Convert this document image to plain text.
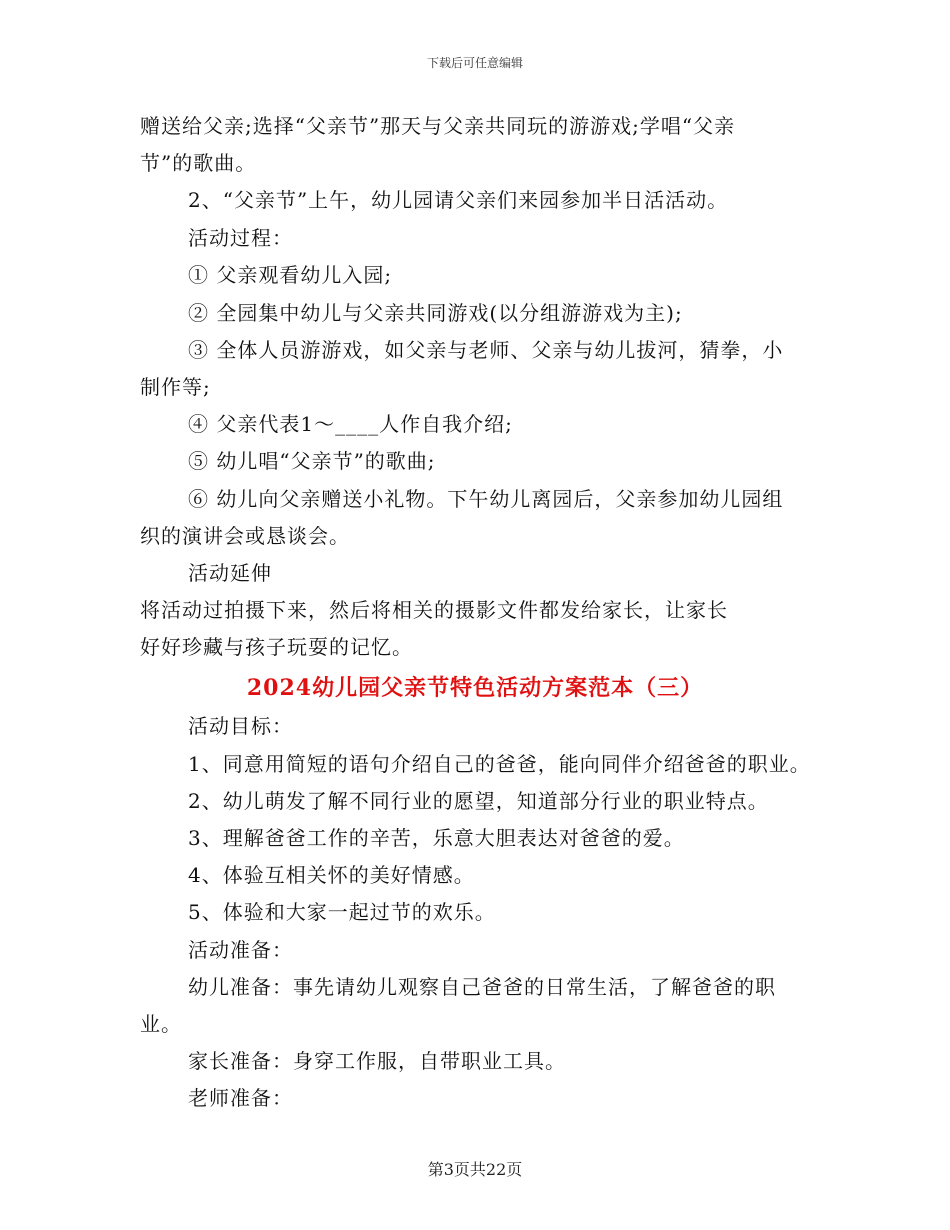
下载后可任意编辑
赠送给父亲;选择“父亲节”那天与父亲共同玩的游游戏;学唱“父亲
节”的歌曲。
2、“父亲节”上午，幼儿园请父亲们来园参加半日活活动。
活动过程：
① 父亲观看幼儿入园;
② 全园集中幼儿与父亲共同游戏(以分组游游戏为主);
③ 全体人员游游戏，如父亲与老师、父亲与幼儿拔河，猜拳，小
制作等;
④ 父亲代表1～____人作自我介绍;
⑤ 幼儿唱“父亲节”的歌曲;
⑥ 幼儿向父亲赠送小礼物。下午幼儿离园后，父亲参加幼儿园组
织的演讲会或恳谈会。
活动延伸
将活动过拍摄下来，然后将相关的摄影文件都发给家长，让家长
好好珍藏与孩子玩耍的记忆。
2024幼儿园父亲节特色活动方案范本（三）
活动目标：
1、同意用简短的语句介绍自己的爸爸，能向同伴介绍爸爸的职业。
2、幼儿萌发了解不同行业的愿望，知道部分行业的职业特点。
3、理解爸爸工作的辛苦，乐意大胆表达对爸爸的爱。
4、体验互相关怀的美好情感。
5、体验和大家一起过节的欢乐。
活动准备：
幼儿准备：事先请幼儿观察自己爸爸的日常生活，了解爸爸的职
业。
家长准备：身穿工作服，自带职业工具。
老师准备：
第3页共22页
